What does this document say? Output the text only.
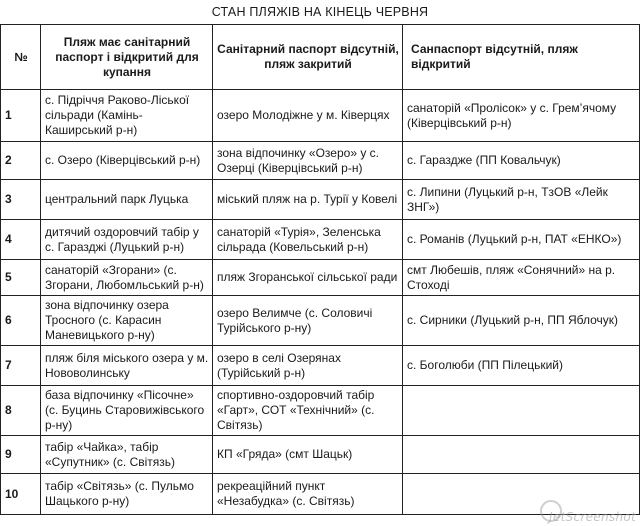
СТАН ПЛЯЖІВ НА КІНЕЦЬ ЧЕРВНЯ
№	Пляж має санітарний паспорт і відкритий для купання	Санітарний паспорт відсутній, пляж закритий	Санпаспорт відсутній, пляж відкритий
1	с. Підріччя Раково-Ліської сільради (Камінь-Каширський р-н)	озеро Молодіжне у м. Ківерцях	санаторій «Пролісок» у с. Грем’ячому (Ківерцівський р-н)
2	с. Озеро (Ківерцівський р-н)	зона відпочинку «Озеро» у с. Озерці (Ківерцівський р-н)	с. Гараздже (ПП Ковальчук)
3	центральний парк Луцька	міський пляж на р. Турії у Ковелі	с. Липини (Луцький р-н, ТзОВ «Лейк ЗНГ»)
4	дитячий оздоровчий табір у с. Гаразджі (Луцький р-н)	санаторій «Турія», Зеленська сільрада (Ковельський р-н)	с. Романів (Луцький р-н, ПАТ «ЕНКО»)
5	санаторій «Згорани» (с. Згорани, Любомльський р-н)	пляж Згоранської сільської ради	смт Любешів, пляж «Сонячний» на р. Стоході
6	зона відпочинку озера Тросного (с. Карасин Маневицького р-ну)	озеро Велимче (с. Соловичі Турійського р-ну)	с. Сирники (Луцький р-н, ПП Яблочук)
7	пляж біля міського озера у м. Нововолинську	озеро в селі Озерянах (Турійський р-н)	с. Боголюби (ПП Пілецький)
8	база відпочинку «Пісочне» (с. Буцинь Старовижівського р-ну)	спортивно-оздоровчий табір «Гарт», СОТ «Технічний» (с. Світязь)	
9	табір «Чайка», табір «Супутник» (с. Світязь)	КП «Гряда» (смт Шацьк)	
10	табір «Світязь» (с. Пульмо Шацького р-ну)	рекреаційний пункт «Незабудка» (с. Світязь)	
JetScreenshot
